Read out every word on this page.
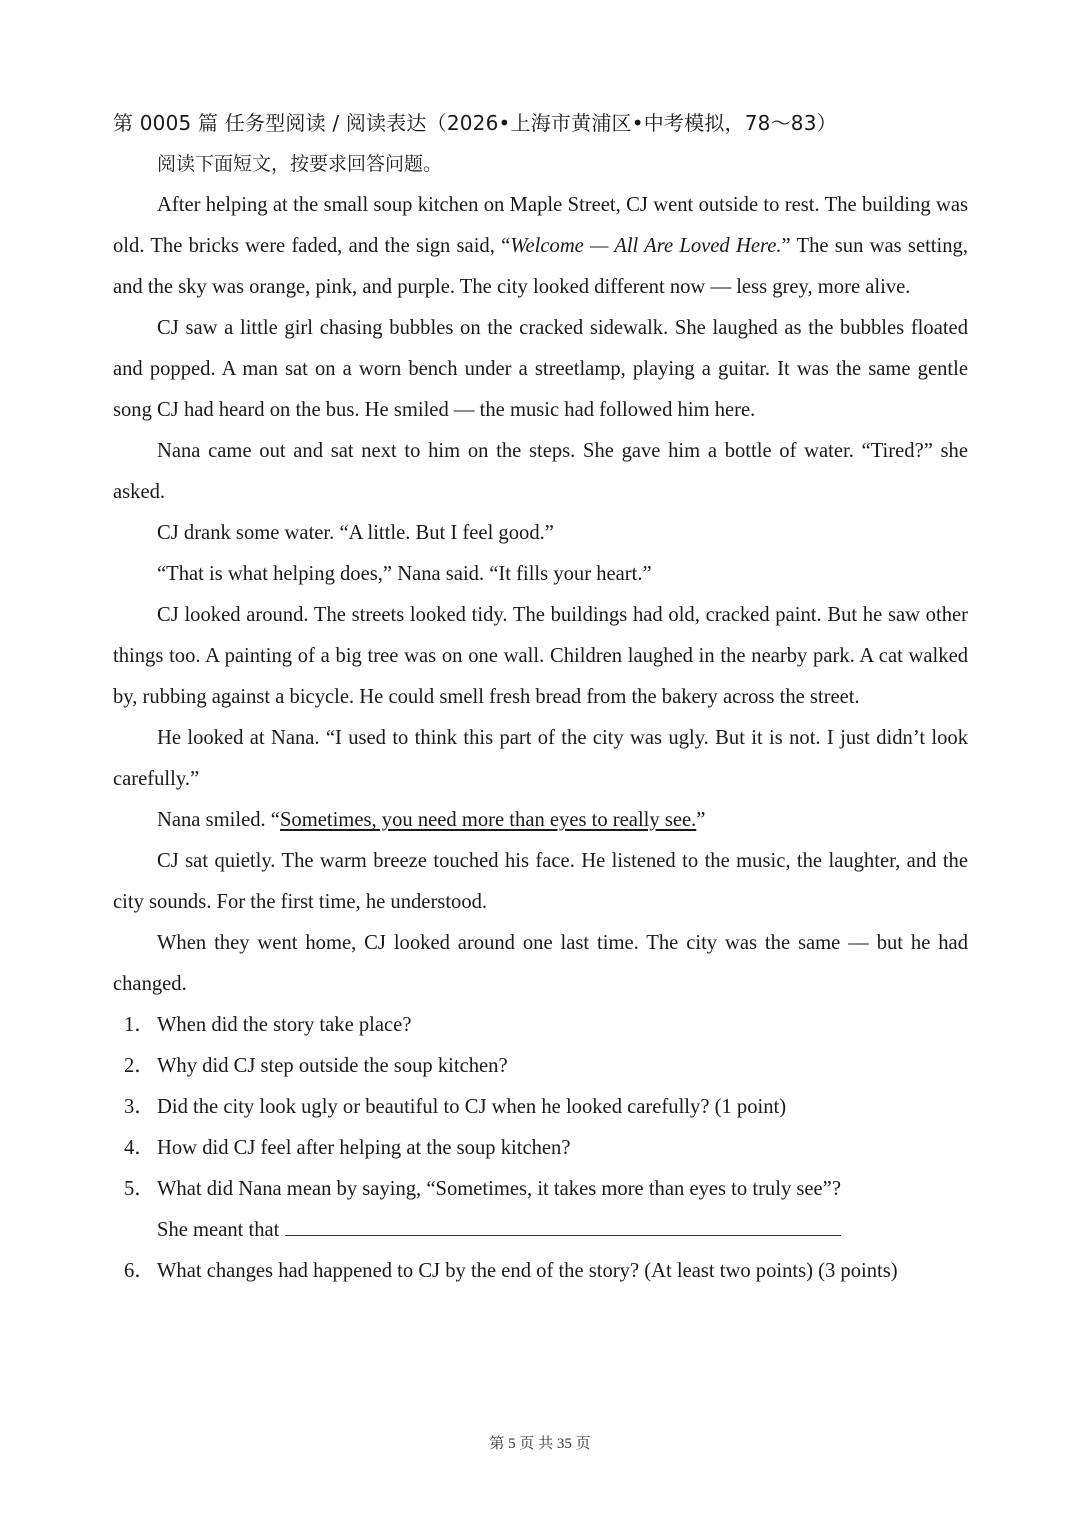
第 0005 篇 任务型阅读 / 阅读表达（2026•上海市黄浦区•中考模拟，78～83）

阅读下面短文，按要求回答问题。

After helping at the small soup kitchen on Maple Street, CJ went outside to rest. The building was old. The bricks were faded, and the sign said, “Welcome — All Are Loved Here.” The sun was setting, and the sky was orange, pink, and purple. The city looked different now — less grey, more alive.

CJ saw a little girl chasing bubbles on the cracked sidewalk. She laughed as the bubbles floated and popped. A man sat on a worn bench under a streetlamp, playing a guitar. It was the same gentle song CJ had heard on the bus. He smiled — the music had followed him here.

Nana came out and sat next to him on the steps. She gave him a bottle of water. “Tired?” she asked.

CJ drank some water. “A little. But I feel good.”

“That is what helping does,” Nana said. “It fills your heart.”

CJ looked around. The streets looked tidy. The buildings had old, cracked paint. But he saw other things too. A painting of a big tree was on one wall. Children laughed in the nearby park. A cat walked by, rubbing against a bicycle. He could smell fresh bread from the bakery across the street.

He looked at Nana. “I used to think this part of the city was ugly. But it is not. I just didn’t look carefully.”

Nana smiled. “Sometimes, you need more than eyes to really see.”

CJ sat quietly. The warm breeze touched his face. He listened to the music, the laughter, and the city sounds. For the first time, he understood.

When they went home, CJ looked around one last time. The city was the same — but he had changed.

1． When did the story take place?

2． Why did CJ step outside the soup kitchen?

3． Did the city look ugly or beautiful to CJ when he looked carefully? (1 point)

4． How did CJ feel after helping at the soup kitchen?

5． What did Nana mean by saying, “Sometimes, it takes more than eyes to truly see”?

She meant that

6． What changes had happened to CJ by the end of the story? (At least two points) (3 points)

第 5 页 共 35 页
